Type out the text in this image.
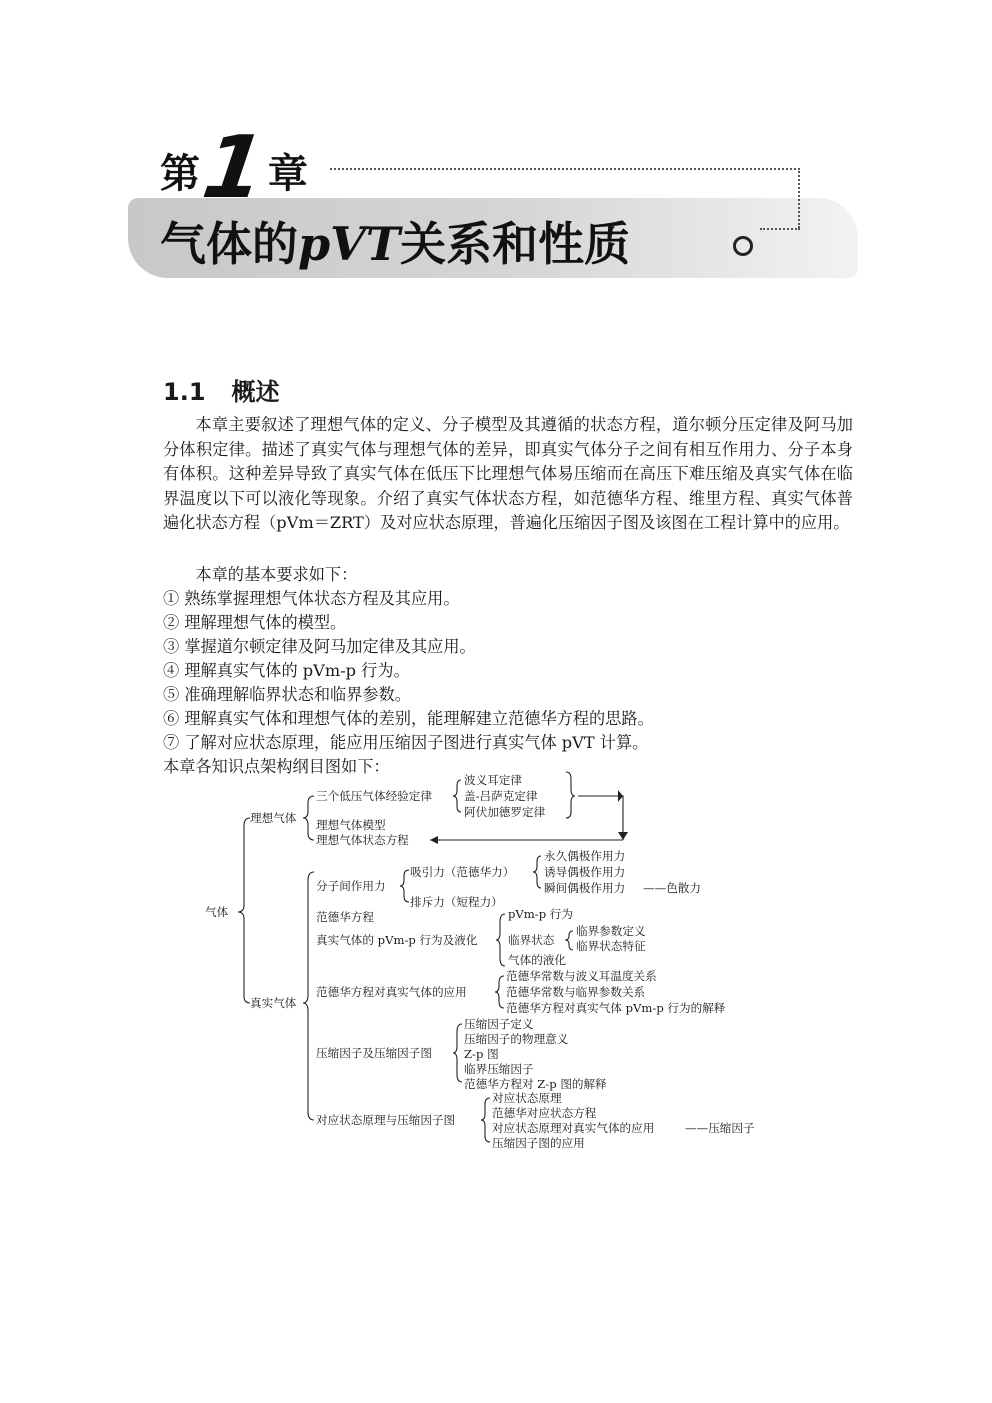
第1章
气体的pVT关系和性质
1.1 概述
本章主要叙述了理想气体的定义、分子模型及其遵循的状态方程，道尔顿分压定律及阿马加分体积定律。描述了真实气体与理想气体的差异，即真实气体分子之间有相互作用力、分子本身有体积。这种差异导致了真实气体在低压下比理想气体易压缩而在高压下难压缩及真实气体在临界温度以下可以液化等现象。介绍了真实气体状态方程，如范德华方程、维里方程、真实气体普遍化状态方程（pVm＝ZRT）及对应状态原理，普遍化压缩因子图及该图在工程计算中的应用。
本章的基本要求如下：
① 熟练掌握理想气体状态方程及其应用。
② 理解理想气体的模型。
③ 掌握道尔顿定律及阿马加定律及其应用。
④ 理解真实气体的 pVm-p 行为。
⑤ 准确理解临界状态和临界参数。
⑥ 理解真实气体和理想气体的差别，能理解建立范德华方程的思路。
⑦ 了解对应状态原理，能应用压缩因子图进行真实气体 pVT 计算。
本章各知识点架构纲目图如下：
气体
理想气体
三个低压气体经验定律
波义耳定律
盖-吕萨克定律
阿伏加德罗定律
理想气体模型
理想气体状态方程
真实气体
分子间作用力
吸引力（范德华力）
永久偶极作用力
诱导偶极作用力
瞬间偶极作用力 ——色散力
排斥力（短程力）
范德华方程
真实气体的 pVm-p 行为及液化
pVm-p 行为
临界状态
临界参数定义
临界状态特征
气体的液化
范德华方程对真实气体的应用
范德华常数与波义耳温度关系
范德华常数与临界参数关系
范德华方程对真实气体 pVm-p 行为的解释
压缩因子及压缩因子图
压缩因子定义
压缩因子的物理意义
Z-p 图
临界压缩因子
范德华方程对 Z-p 图的解释
对应状态原理与压缩因子图
对应状态原理
范德华对应状态方程
对应状态原理对真实气体的应用	——压缩因子
压缩因子图的应用
